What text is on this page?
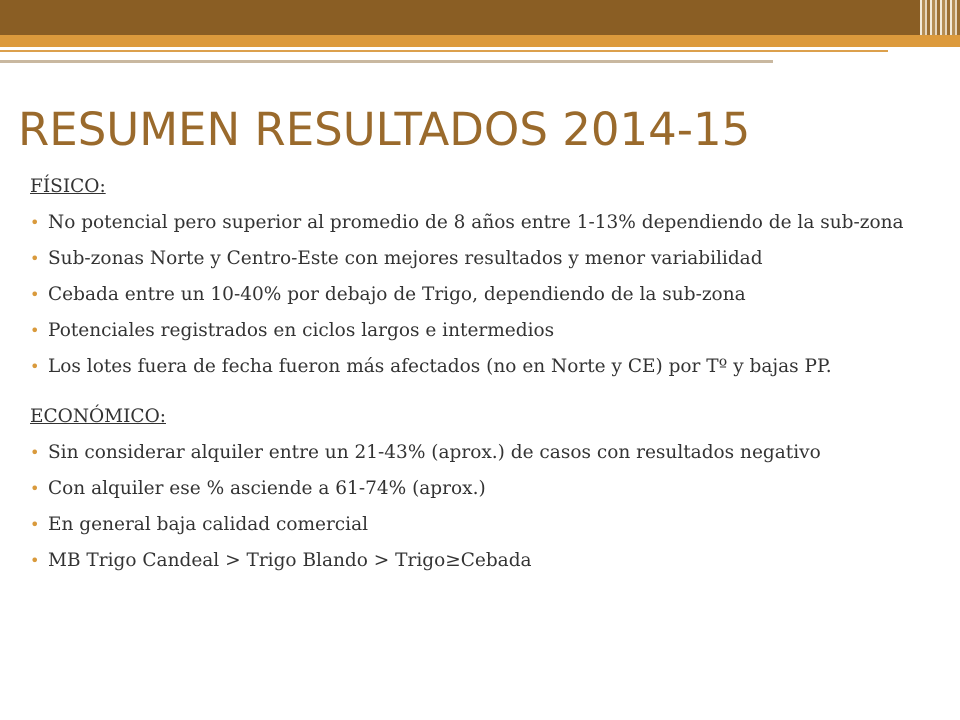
RESUMEN RESULTADOS 2014-15
FÍSICO:
• No potencial pero superior al promedio de 8 años entre 1-13% dependiendo de la sub-zona
• Sub-zonas Norte y Centro-Este con mejores resultados y menor variabilidad
• Cebada entre un 10-40% por debajo de Trigo, dependiendo de la sub-zona
• Potenciales registrados en ciclos largos e intermedios
• Los lotes fuera de fecha fueron más afectados (no en Norte y CE) por Tº y bajas PP.
ECONÓMICO:
• Sin considerar alquiler entre un 21-43% (aprox.) de casos con resultados negativo
• Con alquiler ese % asciende a 61-74% (aprox.)
• En general baja calidad comercial
• MB Trigo Candeal > Trigo Blando > Trigo≥Cebada
